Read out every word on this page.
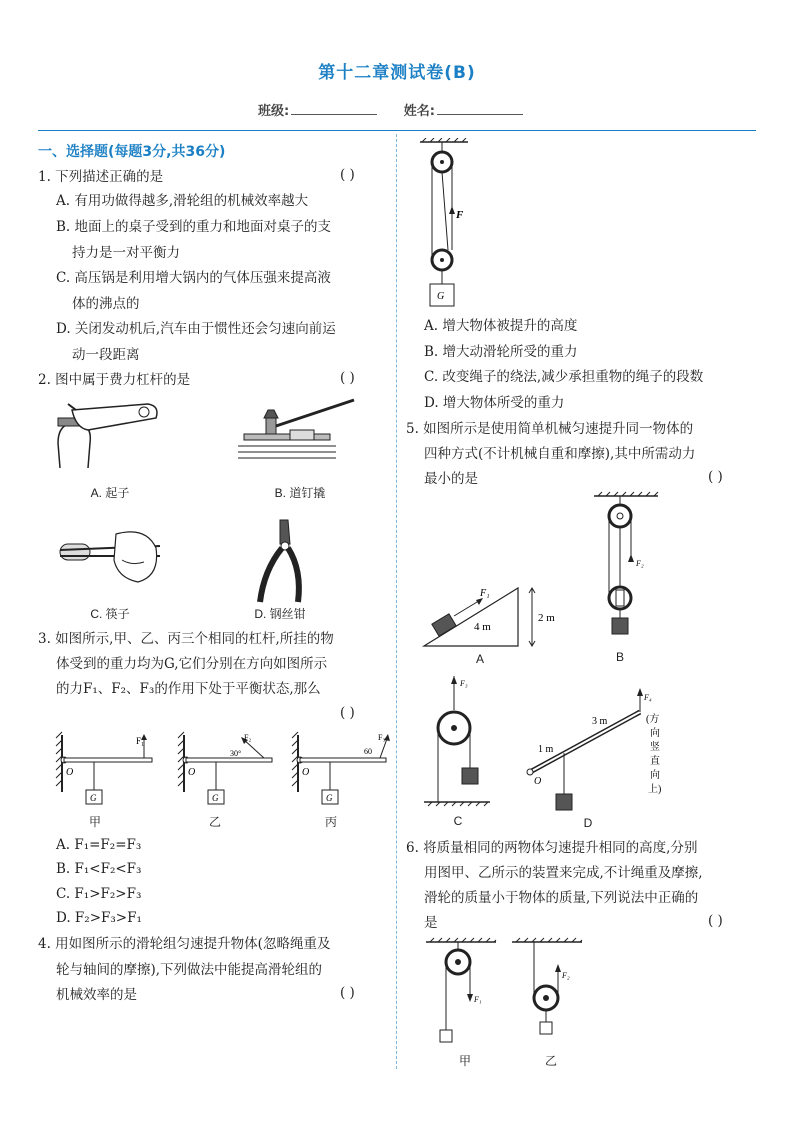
第十二章测试卷(B)
班级:	姓名:
一、选择题(每题3分,共36分)
1. 下列描述正确的是	( )
A. 有用功做得越多,滑轮组的机械效率越大
B. 地面上的桌子受到的重力和地面对桌子的支
持力是一对平衡力
C. 高压锅是利用增大锅内的气体压强来提高液
体的沸点的
D. 关闭发动机后,汽车由于惯性还会匀速向前运
动一段距离
2. 图中属于费力杠杆的是	( )
A. 起子	B. 道钉撬
C. 筷子	D. 钢丝钳
3. 如图所示,甲、乙、丙三个相同的杠杆,所挂的物
体受到的重力均为G,它们分别在方向如图所示
的力F₁、F₂、F₃的作用下处于平衡状态,那么
( )
F₁
O
G
甲
F₂
30°
O
G
乙
F₃
60
O
G
丙
A. F₁=F₂=F₃
B. F₁<F₂<F₃
C. F₁>F₂>F₃
D. F₂>F₃>F₁
4. 用如图所示的滑轮组匀速提升物体(忽略绳重及
轮与轴间的摩擦),下列做法中能提高滑轮组的
机械效率的是	( )
F
G
A. 增大物体被提升的高度
B. 增大动滑轮所受的重力
C. 改变绳子的绕法,减少承担重物的绳子的段数
D. 增大物体所受的重力
5. 如图所示是使用简单机械匀速提升同一物体的
四种方式(不计机械自重和摩擦),其中所需动力
最小的是	( )
F₁
4 m
2 m
A
F₂
B
F₃
C
O
1 m
3 m
F₄
(方
向
竖
直
向
上)
D
6. 将质量相同的两物体匀速提升相同的高度,分别
用图甲、乙所示的装置来完成,不计绳重及摩擦,
滑轮的质量小于物体的质量,下列说法中正确的
是	( )
F₁
甲
F₂
乙
